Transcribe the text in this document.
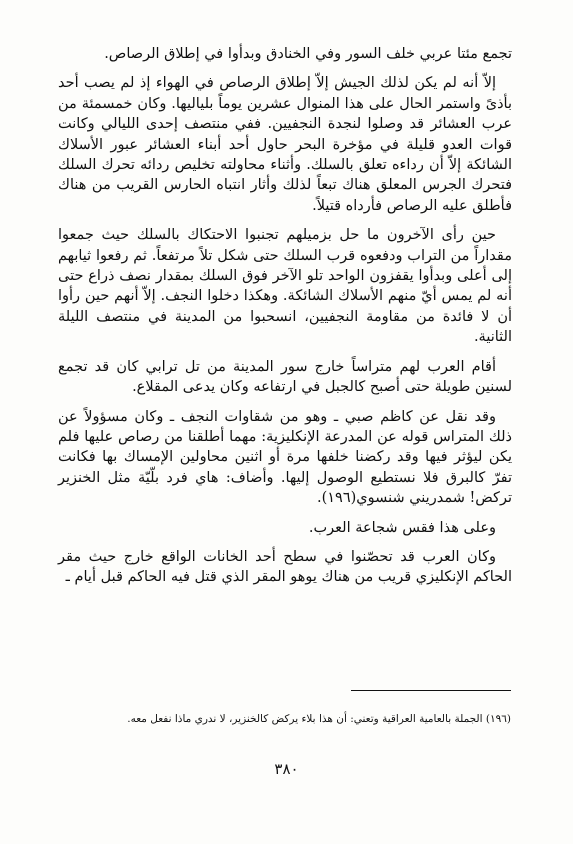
تجمع مئتا عربي خلف السور وفي الخنادق وبدأوا في إطلاق الرصاص.

إلاّ أنه لم يكن لذلك الجيش إلاّ إطلاق الرصاص في الهواء إذ لم يصب أحد بأذىً واستمر الحال على هذا المنوال عشرين يوماً بلياليها. وكان خمسمئة من عرب العشائر قد وصلوا لنجدة النجفيين. ففي منتصف إحدى الليالي وكانت قوات العدو قليلة في مؤخرة البحر حاول أحد أبناء العشائر عبور الأسلاك الشائكة إلاّ أن رداءه تعلق بالسلك. وأثناء محاولته تخليص ردائه تحرك السلك فتحرك الجرس المعلق هناك تبعاً لذلك وأثار انتباه الحارس القريب من هناك فأطلق عليه الرصاص فأرداه قتيلاً.

حين رأى الآخرون ما حل بزميلهم تجنبوا الاحتكاك بالسلك حيث جمعوا مقداراً من التراب ودفعوه قرب السلك حتى شكل تلاً مرتفعاً. ثم رفعوا ثيابهم إلى أعلى وبدأوا يقفزون الواحد تلو الآخر فوق السلك بمقدار نصف ذراع حتى أنه لم يمس أيّ منهم الأسلاك الشائكة. وهكذا دخلوا النجف. إلاّ أنهم حين رأوا أن لا فائدة من مقاومة النجفيين، انسحبوا من المدينة في منتصف الليلة الثانية.

أقام العرب لهم متراساً خارج سور المدينة من تل ترابي كان قد تجمع لسنين طويلة حتى أصبح كالجبل في ارتفاعه وكان يدعى المقلاع.

وقد نقل عن كاظم صبي ـ وهو من شقاوات النجف ـ وكان مسؤولاً عن ذلك المتراس قوله عن المدرعة الإنكليزية: مهما أطلقنا من رصاص عليها فلم يكن ليؤثر فيها وقد ركضنا خلفها مرة أو اثنين محاولين الإمساك بها فكانت تفرّ كالبرق فلا نستطيع الوصول إليها. وأضاف: هاي فرد بلّيّة مثل الخنزير تركض! شمدريني شنسوي(١٩٦).

وعلى هذا فقس شجاعة العرب.

وكان العرب قد تحصّنوا في سطح أحد الخانات الواقع خارج حيث مقر الحاكم الإنكليزي قريب من هناك يوهو المقر الذي قتل فيه الحاكم قبل أيام ـ

(١٩٦) الجملة بالعامية العراقية وتعني: أن هذا بلاء يركض كالخنزير، لا ندري ماذا نفعل معه.
٣٨٠
